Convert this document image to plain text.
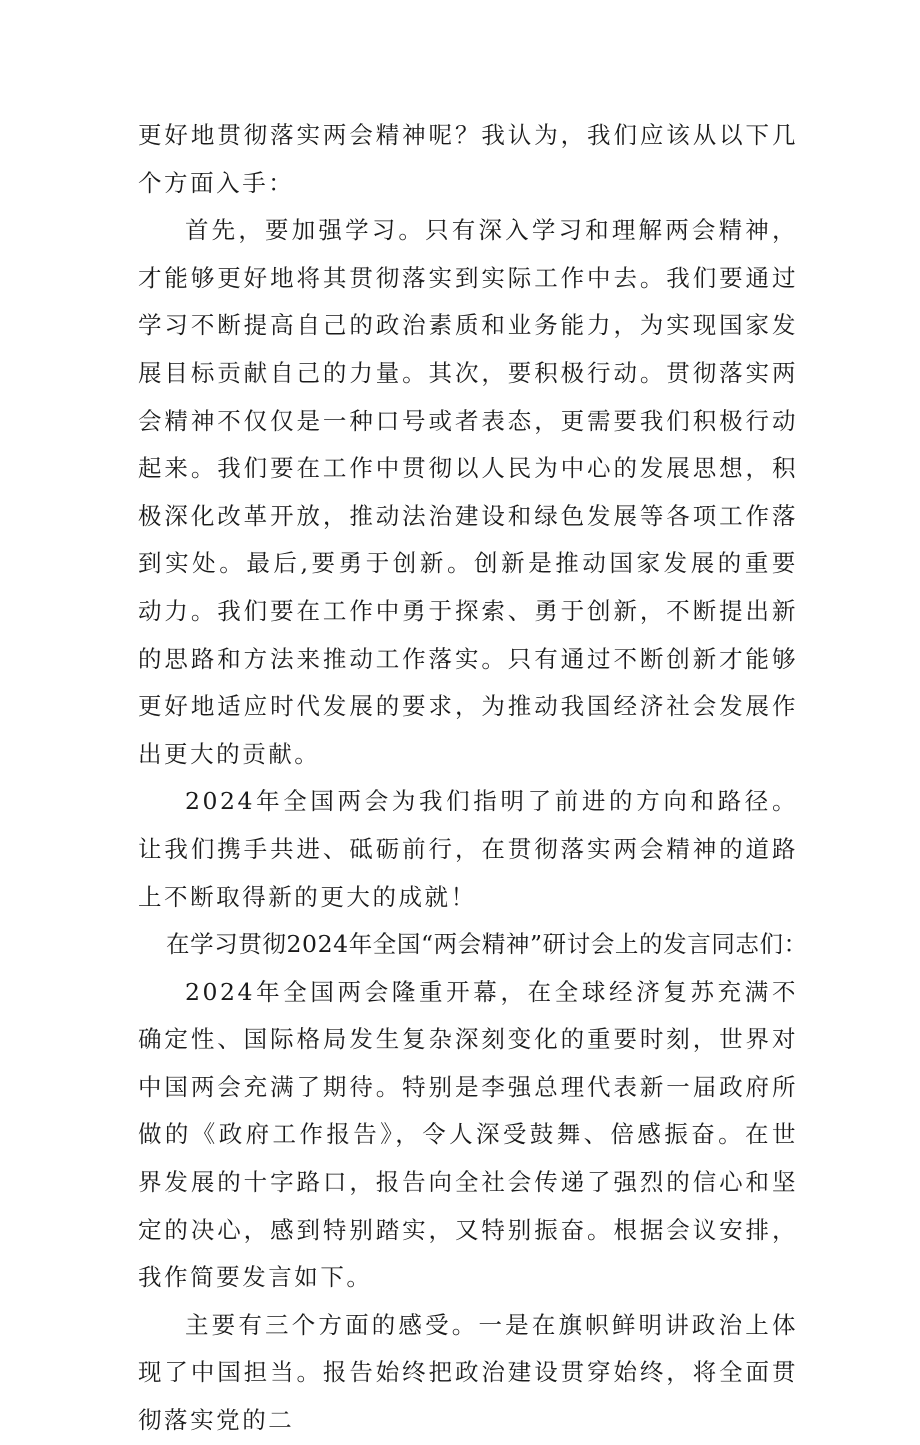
更好地贯彻落实两会精神呢？我认为，我们应该从以下几个方面入手：

首先，要加强学习。只有深入学习和理解两会精神，才能够更好地将其贯彻落实到实际工作中去。我们要通过学习不断提高自己的政治素质和业务能力，为实现国家发展目标贡献自己的力量。其次，要积极行动。贯彻落实两会精神不仅仅是一种口号或者表态，更需要我们积极行动起来。我们要在工作中贯彻以人民为中心的发展思想，积极深化改革开放，推动法治建设和绿色发展等各项工作落到实处。最后,要勇于创新。创新是推动国家发展的重要动力。我们要在工作中勇于探索、勇于创新，不断提出新的思路和方法来推动工作落实。只有通过不断创新才能够更好地适应时代发展的要求，为推动我国经济社会发展作出更大的贡献。

2024年全国两会为我们指明了前进的方向和路径。让我们携手共进、砥砺前行，在贯彻落实两会精神的道路上不断取得新的更大的成就！

在学习贯彻2024年全国“两会精神”研讨会上的发言同志们：

2024年全国两会隆重开幕，在全球经济复苏充满不确定性、国际格局发生复杂深刻变化的重要时刻，世界对中国两会充满了期待。特别是李强总理代表新一届政府所做的《政府工作报告》，令人深受鼓舞、倍感振奋。在世界发展的十字路口，报告向全社会传递了强烈的信心和坚定的决心，感到特别踏实，又特别振奋。根据会议安排，我作简要发言如下。

主要有三个方面的感受。一是在旗帜鲜明讲政治上体现了中国担当。报告始终把政治建设贯穿始终，将全面贯彻落实党的二
